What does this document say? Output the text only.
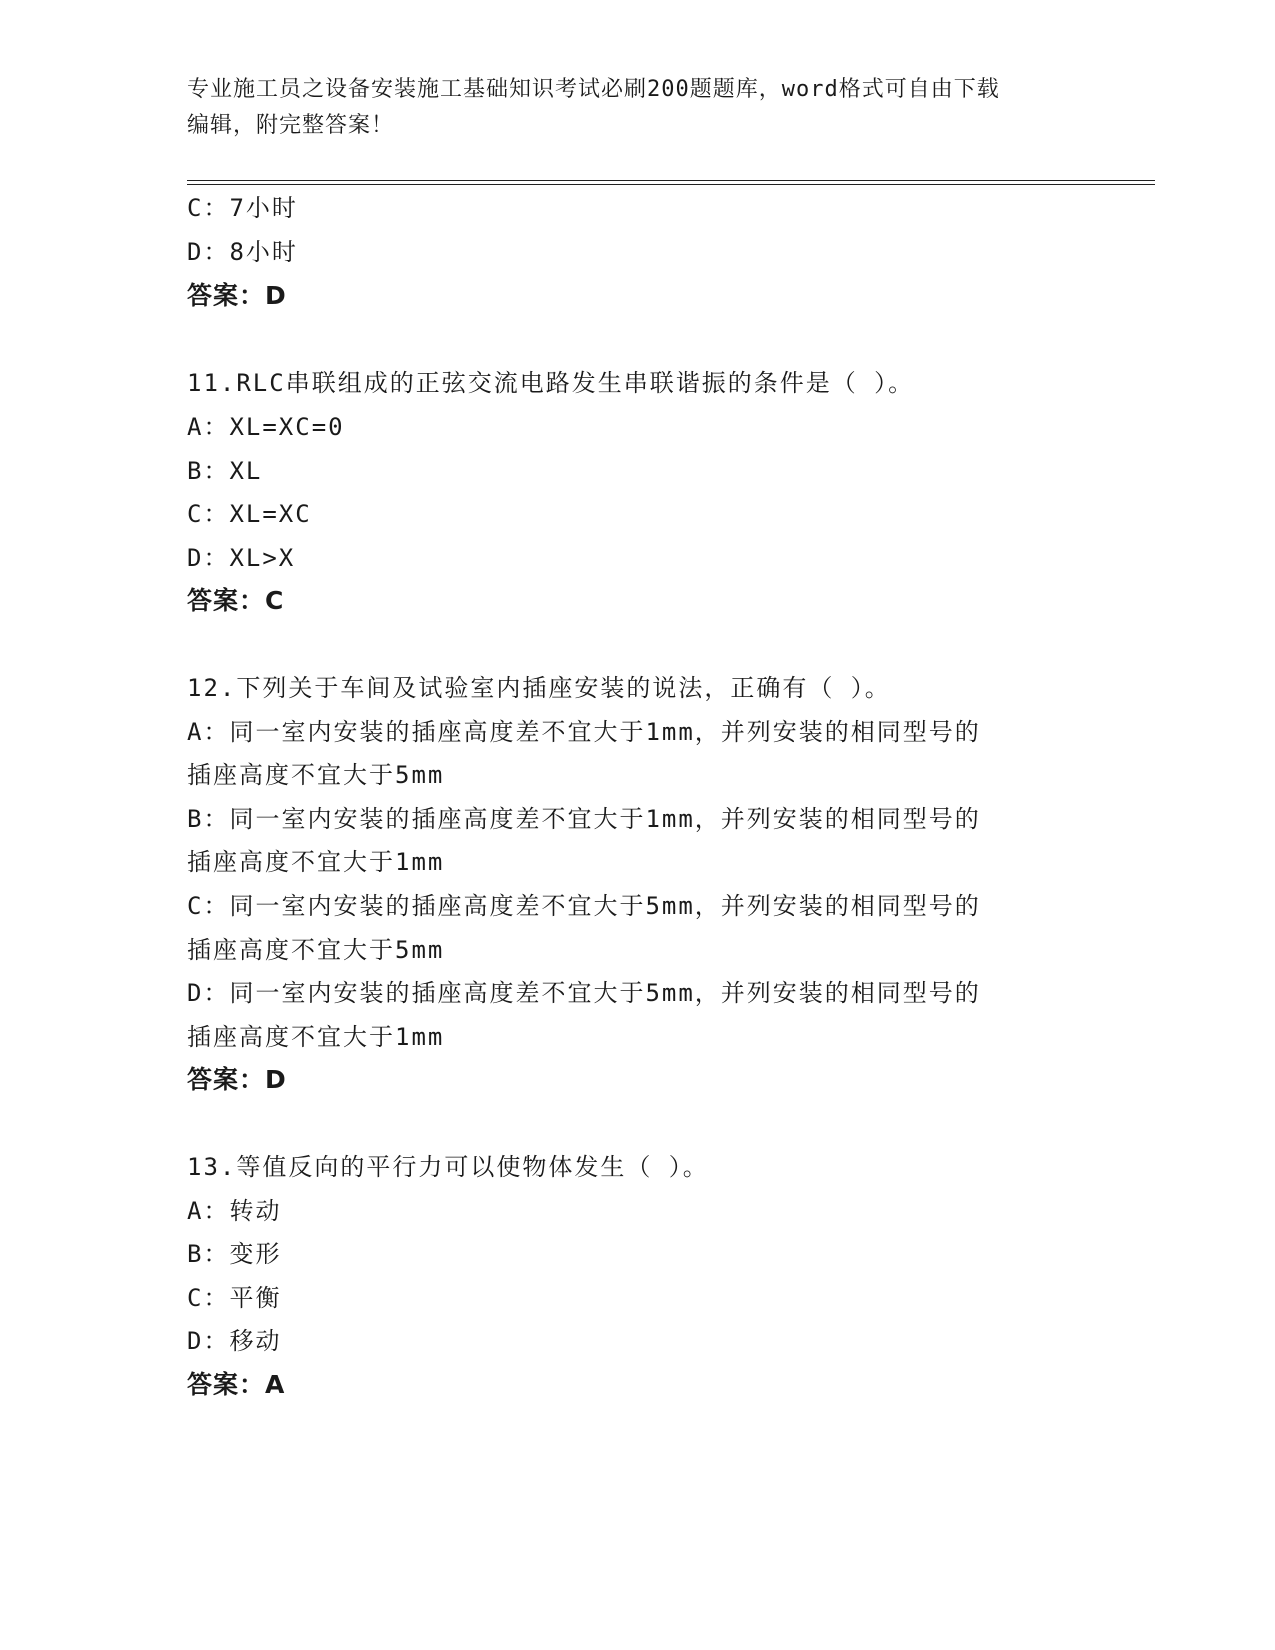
专业施工员之设备安装施工基础知识考试必刷200题题库，word格式可自由下载
编辑，附完整答案！
C：7小时
D：8小时
答案：D
11.RLC串联组成的正弦交流电路发生串联谐振的条件是（ ）。
A：XL=XC=0
B：XL
C：XL=XC
D：XL>X
答案：C
12.下列关于车间及试验室内插座安装的说法，正确有（ ）。
A：同一室内安装的插座高度差不宜大于1mm，并列安装的相同型号的
插座高度不宜大于5mm
B：同一室内安装的插座高度差不宜大于1mm，并列安装的相同型号的
插座高度不宜大于1mm
C：同一室内安装的插座高度差不宜大于5mm，并列安装的相同型号的
插座高度不宜大于5mm
D：同一室内安装的插座高度差不宜大于5mm，并列安装的相同型号的
插座高度不宜大于1mm
答案：D
13.等值反向的平行力可以使物体发生（ ）。
A：转动
B：变形
C：平衡
D：移动
答案：A
